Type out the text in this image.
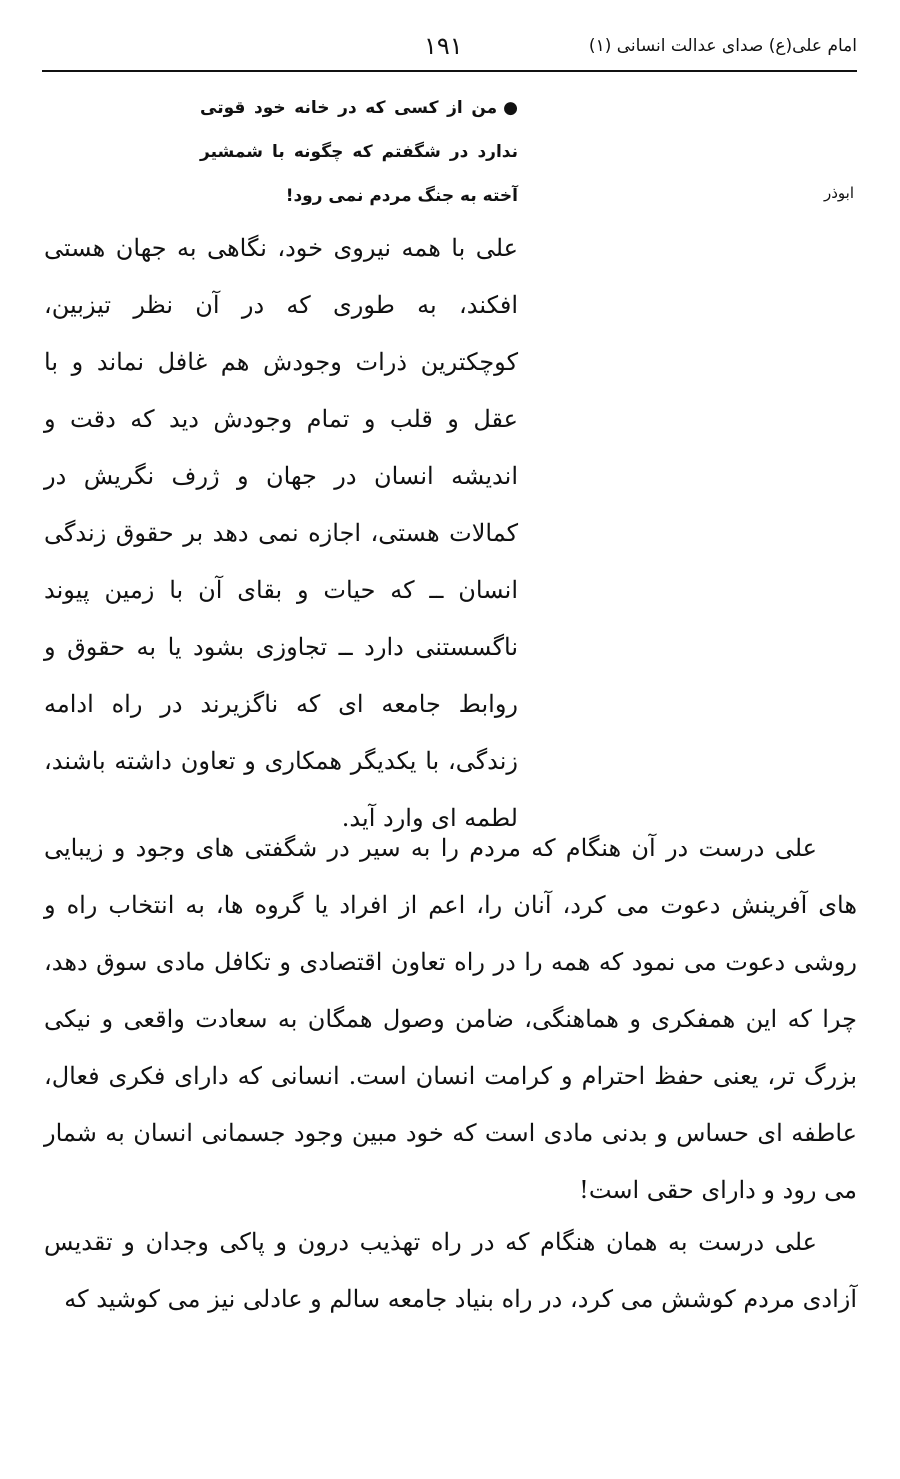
امام علی(ع) صدای عدالت انسانی (۱)
۱۹۱
●من از کسی که در خانه خود قوتی ندارد در شگفتم که چگونه با شمشیر آخته به جنگ مردم نمی رود!	ابوذر

علی با همه نیروی خود، نگاهی به جهان هستی افکند، به طوری که در آن نظر تیزبین، کوچکترین ذرات وجودش هم غافل نماند و با عقل و قلب و تمام وجودش دید که دقت و اندیشه انسان در جهان و ژرف نگریش در کمالات هستی، اجازه نمی دهد بر حقوق زندگی انسان ــ که حیات و بقای آن با زمین پیوند ناگسستنی دارد ــ تجاوزی بشود یا به حقوق و روابط جامعه ای که ناگزیرند در راه ادامه زندگی، با یکدیگر همکاری و تعاون داشته باشند، لطمه ای وارد آید.

علی درست در آن هنگام که مردم را به سیر در شگفتی های وجود و زیبایی های آفرینش دعوت می کرد، آنان را، اعم از افراد یا گروه ها، به انتخاب راه و روشی دعوت می نمود که همه را در راه تعاون اقتصادی و تکافل مادی سوق دهد، چرا که این همفکری و هماهنگی، ضامن وصول همگان به سعادت واقعی و نیکی بزرگ تر، یعنی حفظ احترام و کرامت انسان است. انسانی که دارای فکری فعال، عاطفه ای حساس و بدنی مادی است که خود مبین وجود جسمانی انسان به شمار می رود و دارای حقی است!

علی درست به همان هنگام که در راه تهذیب درون و پاکی وجدان و تقدیس آزادی مردم کوشش می کرد، در راه بنیاد جامعه سالم و عادلی نیز می کوشید که
